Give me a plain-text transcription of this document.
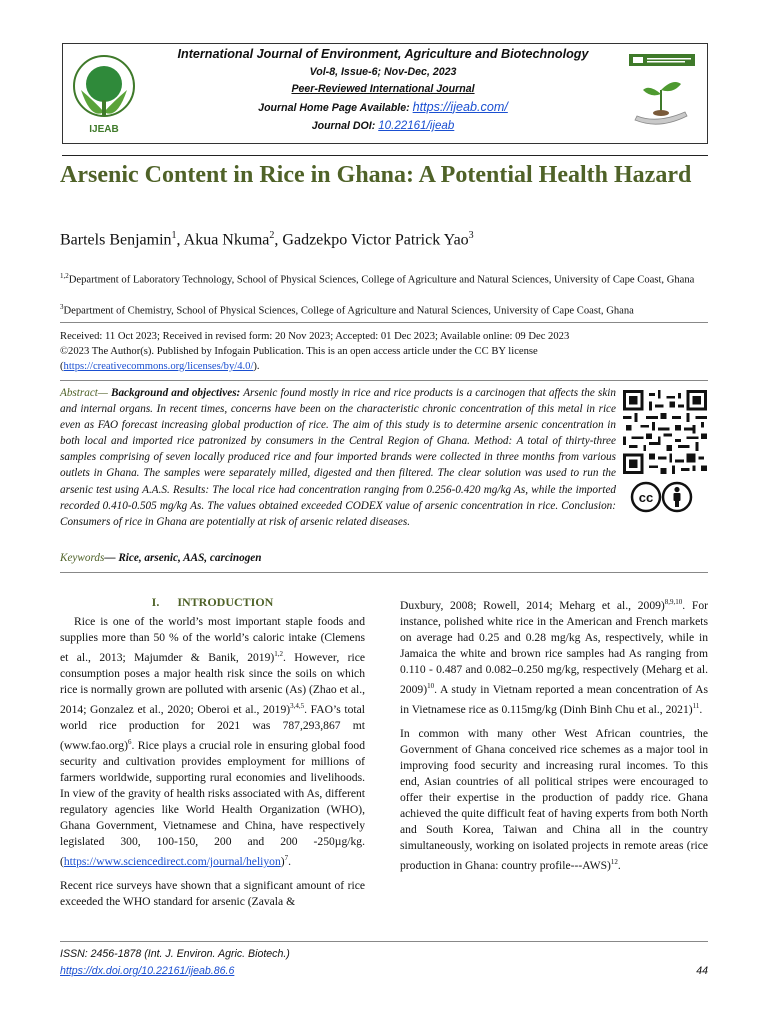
IJEAB
International Journal of Environment, Agriculture and Biotechnology
Vol-8, Issue-6; Nov-Dec, 2023
Peer-Reviewed International Journal
Journal Home Page Available: https://ijeab.com/
Journal DOI: 10.22161/ijeab
Arsenic Content in Rice in Ghana: A Potential Health Hazard
Bartels Benjamin$^1$, Akua Nkuma$^2$, Gadzekpo Victor Patrick Yao$^3$
$^{1,2}$Department of Laboratory Technology, School of Physical Sciences, College of Agriculture and Natural Sciences, University of Cape Coast, Ghana
$^3$Department of Chemistry, School of Physical Sciences, College of Agriculture and Natural Sciences, University of Cape Coast, Ghana
Received: 11 Oct 2023; Received in revised form: 20 Nov 2023; Accepted: 01 Dec 2023; Available online: 09 Dec 2023
©2023 The Author(s). Published by Infogain Publication. This is an open access article under the CC BY license
(https://creativecommons.org/licenses/by/4.0/).
Abstract— Background and objectives: Arsenic found mostly in rice and rice products is a carcinogen that affects the skin and internal organs. In recent times, concerns have been on the characteristic chronic concentration of this metal in rice even as FAO forecast increasing global production of rice. The aim of this study is to determine arsenic concentration in both local and imported rice patronized by consumers in the Central Region of Ghana. Method: A total of thirty-three samples comprising of seven locally produced rice and four imported brands were collected in three months from various outlets in Ghana. The samples were separately milled, digested and then filtered. The clear solution was used to run the arsenic test using A.A.S. Results: The local rice had concentration ranging from 0.256-0.420 mg/kg As, while the imported recorded 0.410-0.505 mg/kg As. The values obtained exceeded CODEX value of arsenic concentration in rice. Conclusion: Consumers of rice in Ghana are potentially at risk of arsenic related diseases.
cc
Keywords— Rice, arsenic, AAS, carcinogen
I.      INTRODUCTION

Rice is one of the world’s most important staple foods and supplies more than 50 % of the world’s caloric intake (Clemens et al., 2013; Majumder & Banik, 2019)$^{1,2}$. However, rice consumption poses a major health risk since the soils on which rice is normally grown are polluted with arsenic (As) (Zhao et al., 2014; Gonzalez et al., 2020; Oberoi et al., 2019)$^{3,4,5}$. FAO’s total world rice production for 2021 was 787,293,867 mt $(www.fao.org)^6$. Rice plays a crucial role in ensuring global food security and cultivation provides employment for millions of farmers worldwide, supporting rural economies and livelihoods. In view of the gravity of health risks associated with As, different regulatory agencies like World Health Organization (WHO), Ghana Government, Vietnamese and China, have respectively legislated 300, 100-150, 200 and 200 -250µg/kg. (https://www.sciencedirect.com/journal/heliyon)$^7$.

Recent rice surveys have shown that a significant amount of rice exceeded the WHO standard for arsenic (Zavala &

Duxbury, 2008; Rowell, 2014; Meharg et al., 2009)$^{8,9,10}$. For instance, polished white rice in the American and French markets on average had 0.25 and 0.28 mg/kg As, respectively, while in Jamaica the white and brown rice samples had As ranging from 0.110 - 0.487 and 0.082–0.250 mg/kg, respectively (Meharg et al. 2009)$^{10}$. A study in Vietnam reported a mean concentration of As in Vietnamese rice as 0.115mg/kg (Dinh Binh Chu et al., 2021)$^{11}$.

In common with many other West African countries, the Government of Ghana conceived rice schemes as a major tool in improving food security and increasing rural incomes. To this end, Asian countries of all political stripes were encouraged to offer their expertise in the production of paddy rice. Ghana achieved the quite difficult feat of having experts from both North and South Korea, Taiwan and China all in the country simultaneously, working on isolated projects in remote areas (rice production in Ghana: country profile---AWS)$^{12}$.

ISSN: 2456-1878 (Int. J. Environ. Agric. Biotech.)
https://dx.doi.org/10.22161/ijeab.86.6	44
